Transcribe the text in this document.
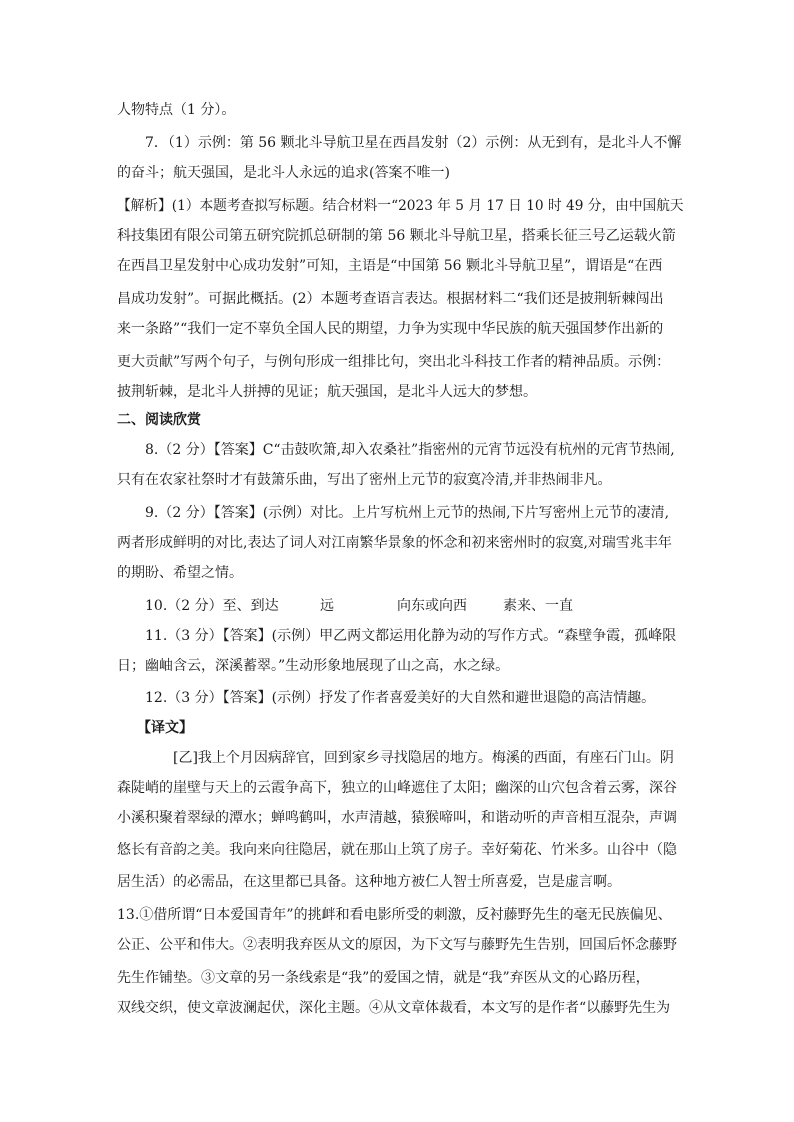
人物特点（1 分）。
7．（1）示例：第 56 颗北斗导航卫星在西昌发射（2）示例：从无到有，是北斗人不懈
的奋斗；航天强国，是北斗人永远的追求(答案不唯一)
【解析】(1）本题考查拟写标题。结合材料一“2023 年 5 月 17 日 10 时 49 分，由中国航天
科技集团有限公司第五研究院抓总研制的第 56 颗北斗导航卫星，搭乘长征三号乙运载火箭
在西昌卫星发射中心成功发射”可知，主语是“中国第 56 颗北斗导航卫星”，谓语是“在西
昌成功发射”。可据此概括。(2）本题考查语言表达。根据材料二“我们还是披荆斩棘闯出
来一条路”“我们一定不辜负全国人民的期望，力争为实现中华民族的航天强国梦作出新的
更大贡献”写两个句子，与例句形成一组排比句，突出北斗科技工作者的精神品质。示例：
披荆斩棘，是北斗人拼搏的见证；航天强国，是北斗人远大的梦想。
二、阅读欣赏
8.（2 分）【答案】C“击鼓吹箫,却入农桑社”指密州的元宵节远没有杭州的元宵节热闹,
只有在农家社祭时才有鼓箫乐曲，写出了密州上元节的寂寞冷清,并非热闹非凡。
9.（2 分）【答案】(示例）对比。上片写杭州上元节的热闹,下片写密州上元节的凄清,
两者形成鲜明的对比,表达了词人对江南繁华景象的怀念和初来密州时的寂寞,对瑞雪兆丰年
的期盼、希望之情。
10.（2 分）至、到达	远	向东或向西	素来、一直
11.（3 分）【答案】(示例）甲乙两文都运用化静为动的写作方式。“森壁争霞，孤峰限
日；幽岫含云，深溪蓄翠。”生动形象地展现了山之高，水之绿。
12.（3 分）【答案】(示例）抒发了作者喜爱美好的大自然和避世退隐的高洁情趣。
【译文】
[乙]我上个月因病辞官，回到家乡寻找隐居的地方。梅溪的西面，有座石门山。阴
森陡峭的崖壁与天上的云霞争高下，独立的山峰遮住了太阳；幽深的山穴包含着云雾，深谷
小溪积聚着翠绿的潭水；蝉鸣鹤叫，水声清越，猿猴啼叫，和谐动听的声音相互混杂，声调
悠长有音韵之美。我向来向往隐居，就在那山上筑了房子。幸好菊花、竹米多。山谷中（隐
居生活）的必需品，在这里都已具备。这种地方被仁人智士所喜爱，岂是虚言啊。
13.①借所谓“日本爱国青年”的挑衅和看电影所受的刺激，反衬藤野先生的毫无民族偏见、
公正、公平和伟大。②表明我弃医从文的原因，为下文写与藤野先生告别，回国后怀念藤野
先生作铺垫。③文章的另一条线索是“我”的爱国之情，就是“我”弃医从文的心路历程，
双线交织，使文章波澜起伏，深化主题。④从文章体裁看，本文写的是作者“以藤野先生为
